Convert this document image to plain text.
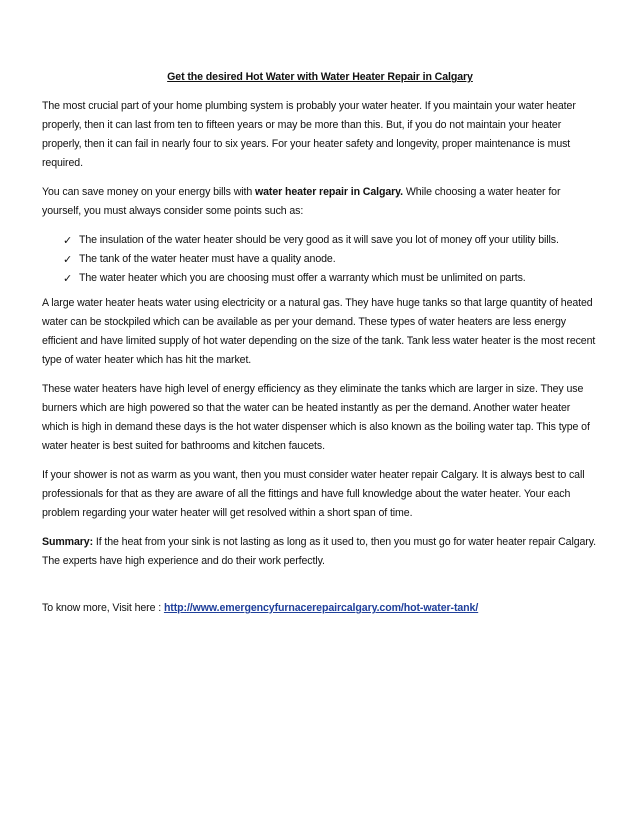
Get the desired Hot Water with Water Heater Repair in Calgary

The most crucial part of your home plumbing system is probably your water heater. If you maintain your water heater properly, then it can last from ten to fifteen years or may be more than this. But, if you do not maintain your heater properly, then it can fail in nearly four to six years. For your heater safety and longevity, proper maintenance is must required.

You can save money on your energy bills with water heater repair in Calgary. While choosing a water heater for yourself, you must always consider some points such as:

✓ The insulation of the water heater should be very good as it will save you lot of money off your utility bills.
✓ The tank of the water heater must have a quality anode.
✓ The water heater which you are choosing must offer a warranty which must be unlimited on parts.

A large water heater heats water using electricity or a natural gas. They have huge tanks so that large quantity of heated water can be stockpiled which can be available as per your demand. These types of water heaters are less energy efficient and have limited supply of hot water depending on the size of the tank. Tank less water heater is the most recent type of water heater which has hit the market.

These water heaters have high level of energy efficiency as they eliminate the tanks which are larger in size. They use burners which are high powered so that the water can be heated instantly as per the demand. Another water heater which is high in demand these days is the hot water dispenser which is also known as the boiling water tap. This type of water heater is best suited for bathrooms and kitchen faucets.

If your shower is not as warm as you want, then you must consider water heater repair Calgary. It is always best to call professionals for that as they are aware of all the fittings and have full knowledge about the water heater. Your each problem regarding your water heater will get resolved within a short span of time.

Summary: If the heat from your sink is not lasting as long as it used to, then you must go for water heater repair Calgary. The experts have high experience and do their work perfectly.

To know more, Visit here : http://www.emergencyfurnacerepaircalgary.com/hot-water-tank/
